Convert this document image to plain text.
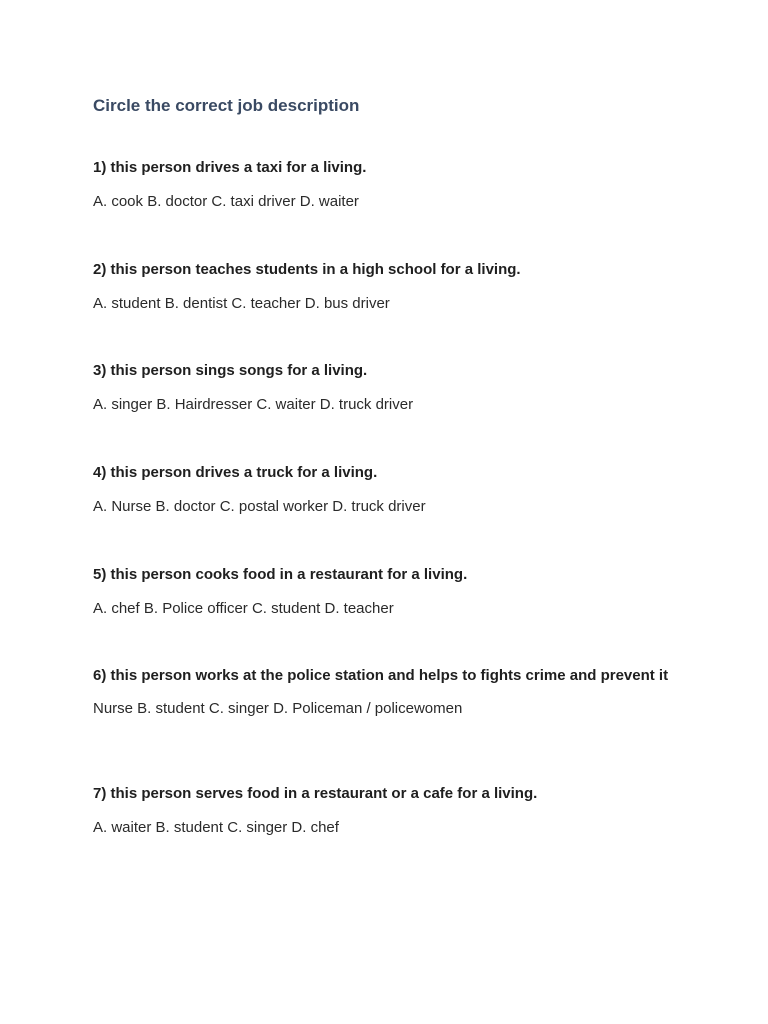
Circle the correct job description

1) this person drives a taxi for a living.

A. cook B. doctor C. taxi driver D. waiter

2) this person teaches students in a high school for a living.

A. student B. dentist C. teacher D. bus driver

3) this person sings songs for a living.

A. singer B. Hairdresser C. waiter D. truck driver

4) this person drives a truck for a living.

A. Nurse B. doctor C. postal worker D. truck driver

5) this person cooks food in a restaurant for a living.

A. chef B. Police officer C. student D. teacher

6) this person works at the police station and helps to fights crime and prevent it

Nurse B. student C. singer D. Policeman / policewomen

7) this person serves food in a restaurant or a cafe for a living.

A. waiter B. student C. singer D. chef
